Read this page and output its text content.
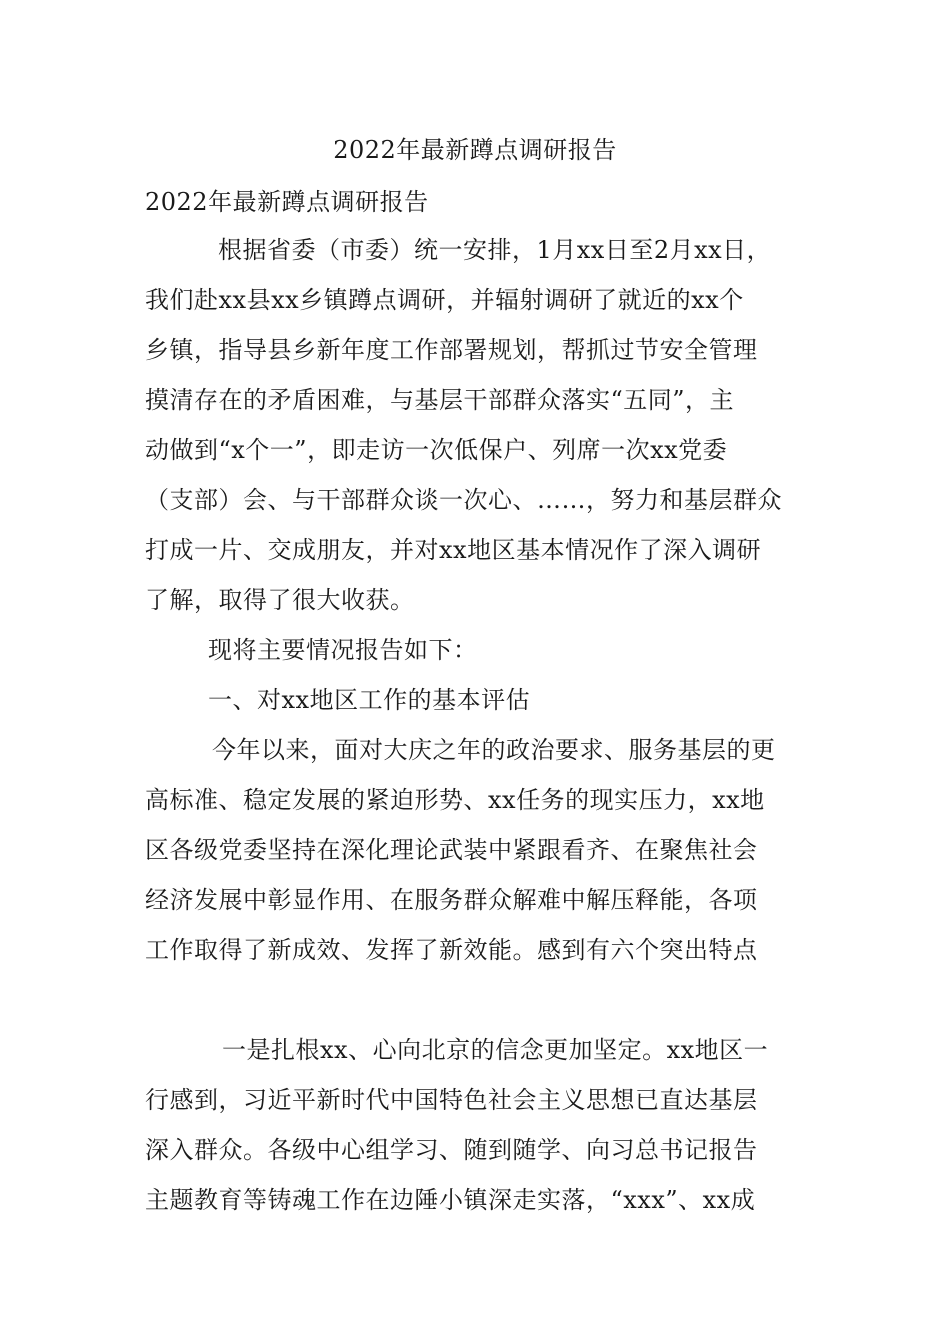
2022年最新蹲点调研报告
2022年最新蹲点调研报告
根据省委（市委）统一安排，1月xx日至2月xx日，
我们赴xx县xx乡镇蹲点调研，并辐射调研了就近的xx个
乡镇，指导县乡新年度工作部署规划，帮抓过节安全管理
摸清存在的矛盾困难，与基层干部群众落实“五同”，主
动做到“x个一”，即走访一次低保户、列席一次xx党委
（支部）会、与干部群众谈一次心、……，努力和基层群众
打成一片、交成朋友，并对xx地区基本情况作了深入调研
了解，取得了很大收获。
现将主要情况报告如下：
一、对xx地区工作的基本评估
今年以来，面对大庆之年的政治要求、服务基层的更
高标准、稳定发展的紧迫形势、xx任务的现实压力，xx地
区各级党委坚持在深化理论武装中紧跟看齐、在聚焦社会
经济发展中彰显作用、在服务群众解难中解压释能，各项
工作取得了新成效、发挥了新效能。感到有六个突出特点
一是扎根xx、心向北京的信念更加坚定。xx地区一
行感到，习近平新时代中国特色社会主义思想已直达基层
深入群众。各级中心组学习、随到随学、向习总书记报告
主题教育等铸魂工作在边陲小镇深走实落，“xxx”、xx成
